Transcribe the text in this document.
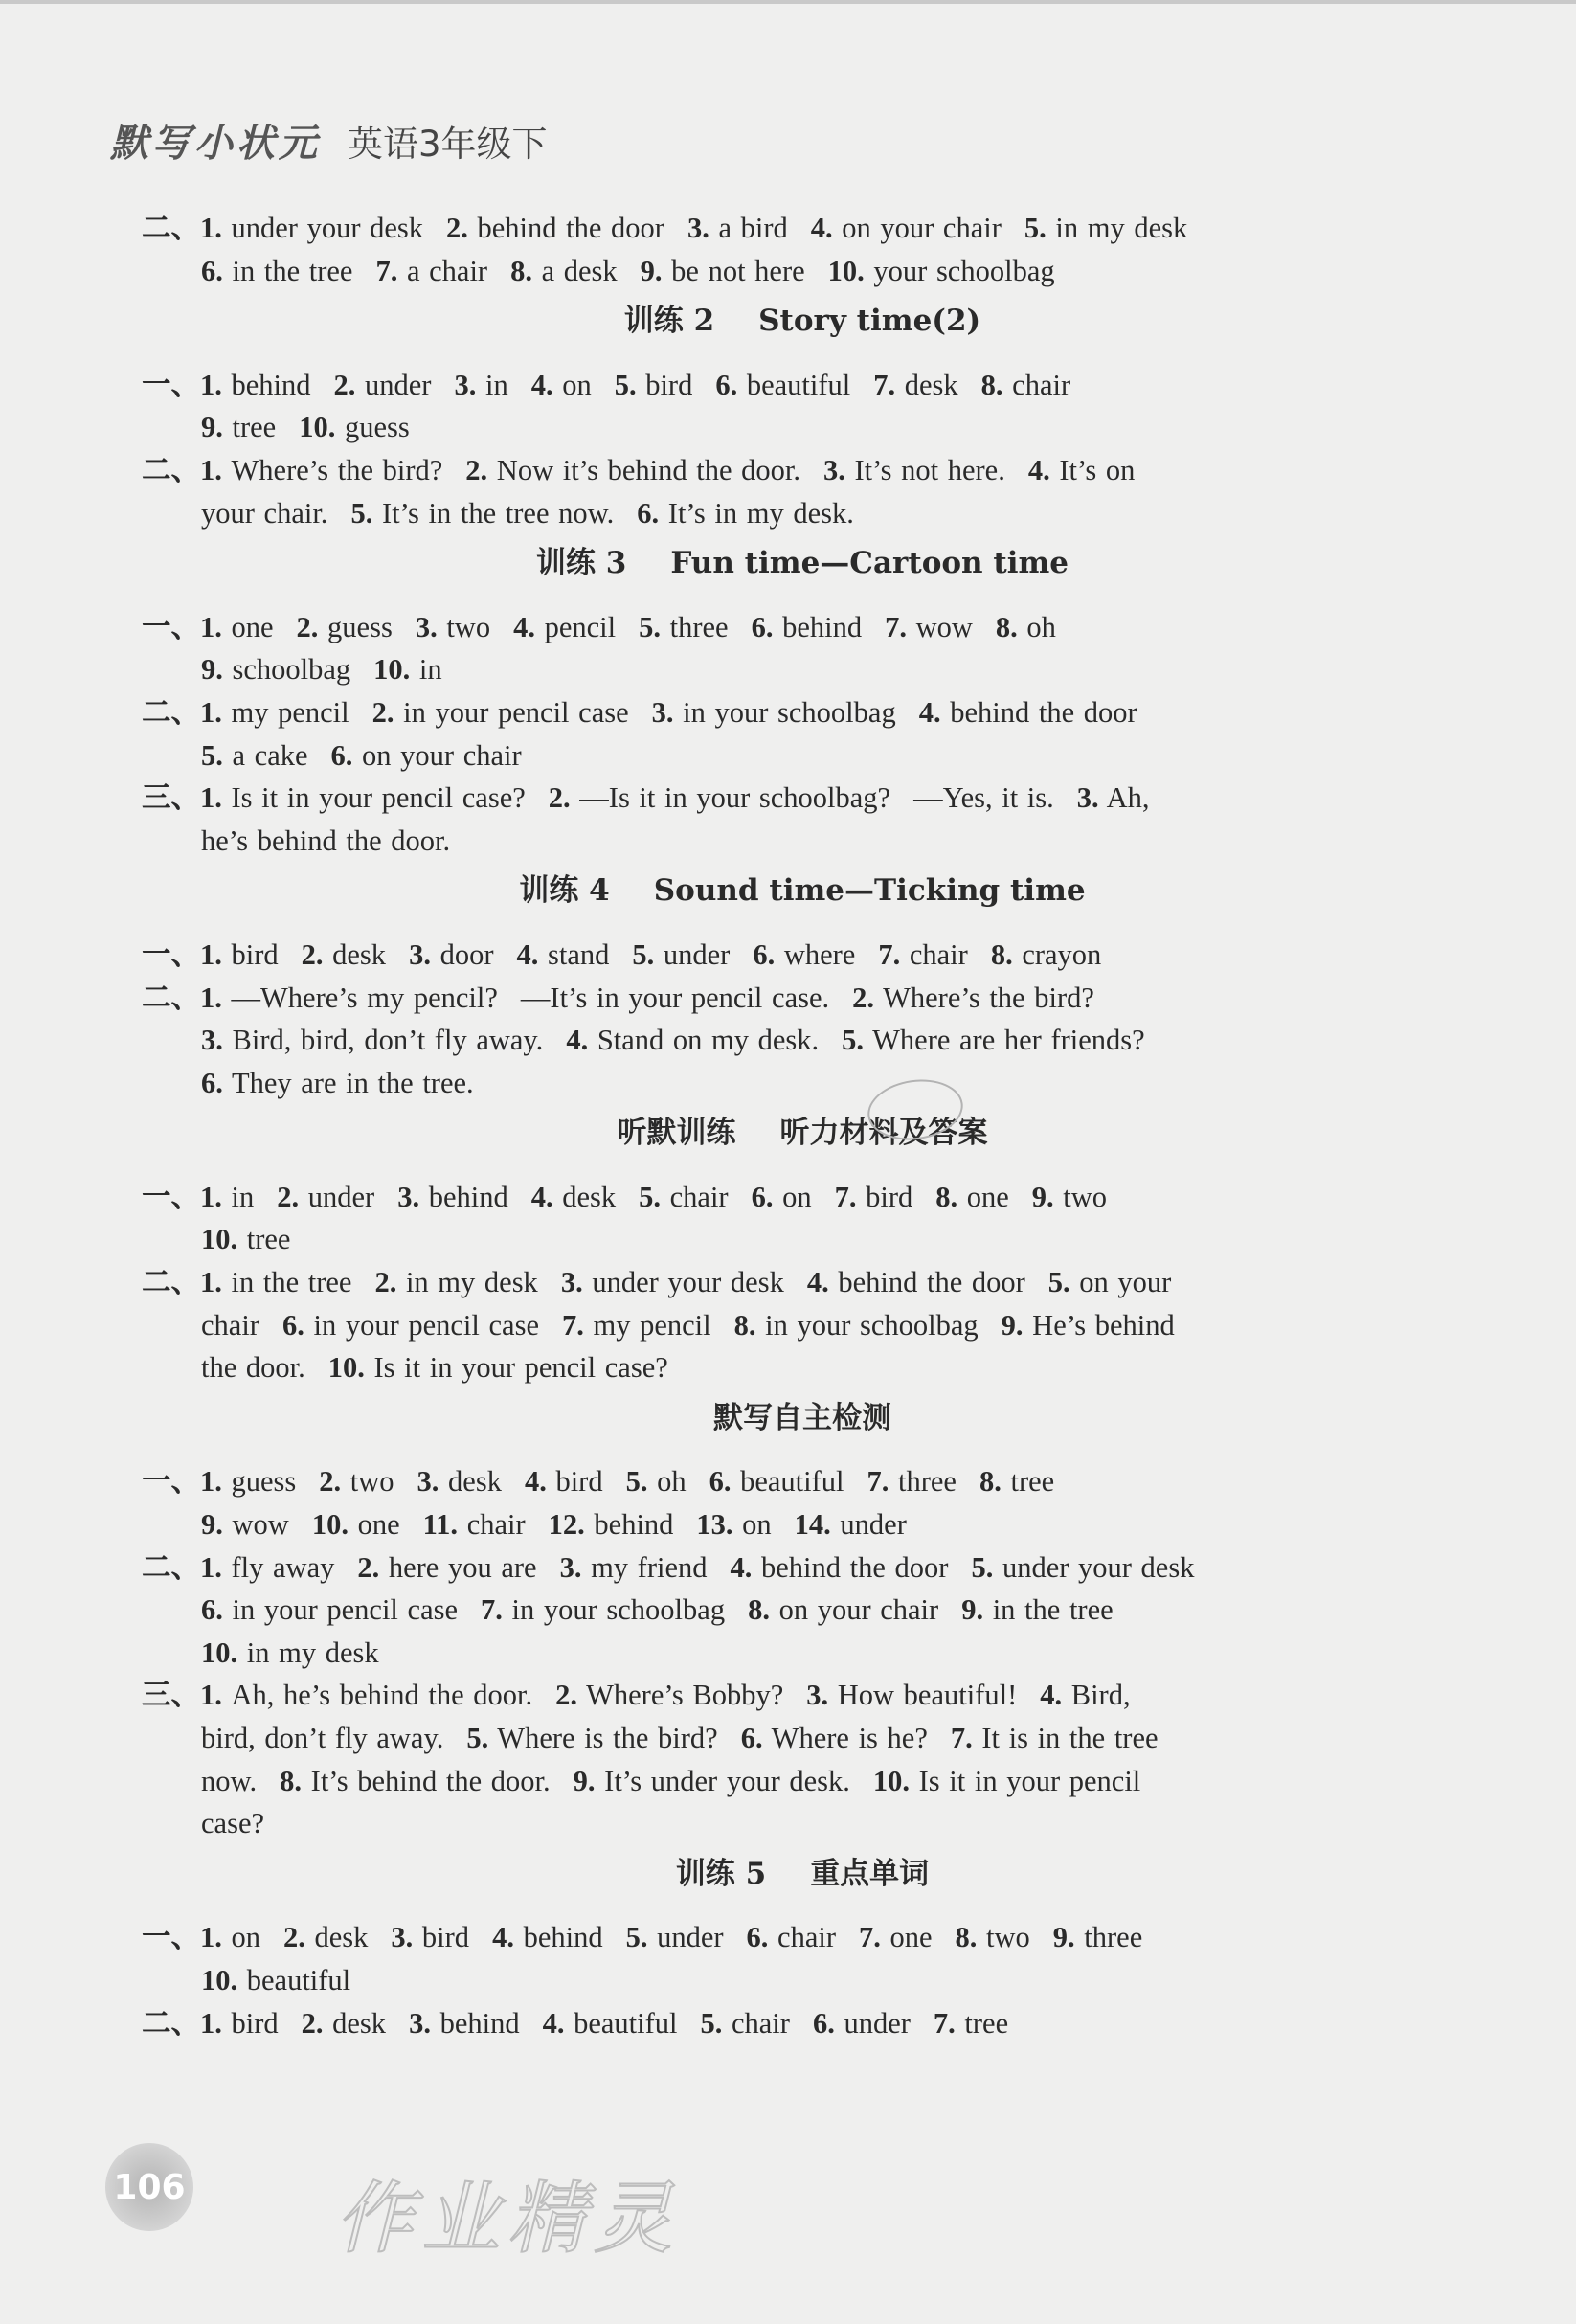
默写小状元 英语3年级下
二、1. under your desk 2. behind the door 3. a bird 4. on your chair 5. in my desk
6. in the tree 7. a chair 8. a desk 9. be not here 10. your schoolbag
训练 2 Story time(2)
一、1. behind 2. under 3. in 4. on 5. bird 6. beautiful 7. desk 8. chair
9. tree 10. guess
二、1. Where’s the bird? 2. Now it’s behind the door. 3. It’s not here. 4. It’s on
your chair. 5. It’s in the tree now. 6. It’s in my desk.
训练 3 Fun time—Cartoon time
一、1. one 2. guess 3. two 4. pencil 5. three 6. behind 7. wow 8. oh
9. schoolbag 10. in
二、1. my pencil 2. in your pencil case 3. in your schoolbag 4. behind the door
5. a cake 6. on your chair
三、1. Is it in your pencil case? 2. —Is it in your schoolbag? —Yes, it is. 3. Ah,
he’s behind the door.
训练 4 Sound time—Ticking time
一、1. bird 2. desk 3. door 4. stand 5. under 6. where 7. chair 8. crayon
二、1. —Where’s my pencil? —It’s in your pencil case. 2. Where’s the bird?
3. Bird, bird, don’t fly away. 4. Stand on my desk. 5. Where are her friends?
6. They are in the tree.
听默训练 听力材料及答案
一、1. in 2. under 3. behind 4. desk 5. chair 6. on 7. bird 8. one 9. two
10. tree
二、1. in the tree 2. in my desk 3. under your desk 4. behind the door 5. on your
chair 6. in your pencil case 7. my pencil 8. in your schoolbag 9. He’s behind
the door. 10. Is it in your pencil case?
默写自主检测
一、1. guess 2. two 3. desk 4. bird 5. oh 6. beautiful 7. three 8. tree
9. wow 10. one 11. chair 12. behind 13. on 14. under
二、1. fly away 2. here you are 3. my friend 4. behind the door 5. under your desk
6. in your pencil case 7. in your schoolbag 8. on your chair 9. in the tree
10. in my desk
三、1. Ah, he’s behind the door. 2. Where’s Bobby? 3. How beautiful! 4. Bird,
bird, don’t fly away. 5. Where is the bird? 6. Where is he? 7. It is in the tree
now. 8. It’s behind the door. 9. It’s under your desk. 10. Is it in your pencil
case?
训练 5 重点单词
一、1. on 2. desk 3. bird 4. behind 5. under 6. chair 7. one 8. two 9. three
10. beautiful
二、1. bird 2. desk 3. behind 4. beautiful 5. chair 6. under 7. tree
106 作业精灵
